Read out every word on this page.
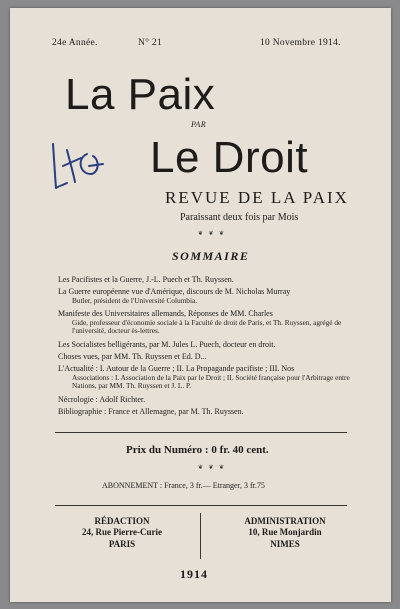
24e Année.	N° 21	10 Novembre 1914.
La Paix
PAR
Le Droit
REVUE DE LA PAIX
Paraissant deux fois par Mois
❦ ❦ ❦
SOMMAIRE
Les Pacifistes et la Guerre, J.-L. Puech et Th. Ruyssen.
La Guerre européenne vue d'Amérique, discours de M. Nicholas Murray
Butler, président de l'Université Columbia.
Manifeste des Universitaires allemands, Réponses de MM. Charles
Gide, professeur d'économie sociale à la Faculté de droit de Paris, et Th. Ruyssen, agrégé de l'université, docteur ès-lettres.
Les Socialistes belligérants, par M. Jules L. Puech, docteur en droit.
Choses vues, par MM. Th. Ruyssen et Ed. D...
L'Actualité : I. Autour de la Guerre ; II. La Propagande pacifiste ; III. Nos
Associations : I. Association de la Paix par le Droit ; II. Société française pour l'Arbitrage entre Nations, par MM. Th. Ruyssen et J. L. P.
Nécrologie : Adolf Richter.
Bibliographie : France et Allemagne, par M. Th. Ruyssen.
Prix du Numéro : 0 fr. 40 cent.
❦ ❦ ❦
ABONNEMENT : France, 3 fr.— Etranger, 3 fr.75
RÉDACTION
24, Rue Pierre-Curie
PARIS
ADMINISTRATION
10, Rue Monjardin
NIMES
1914
